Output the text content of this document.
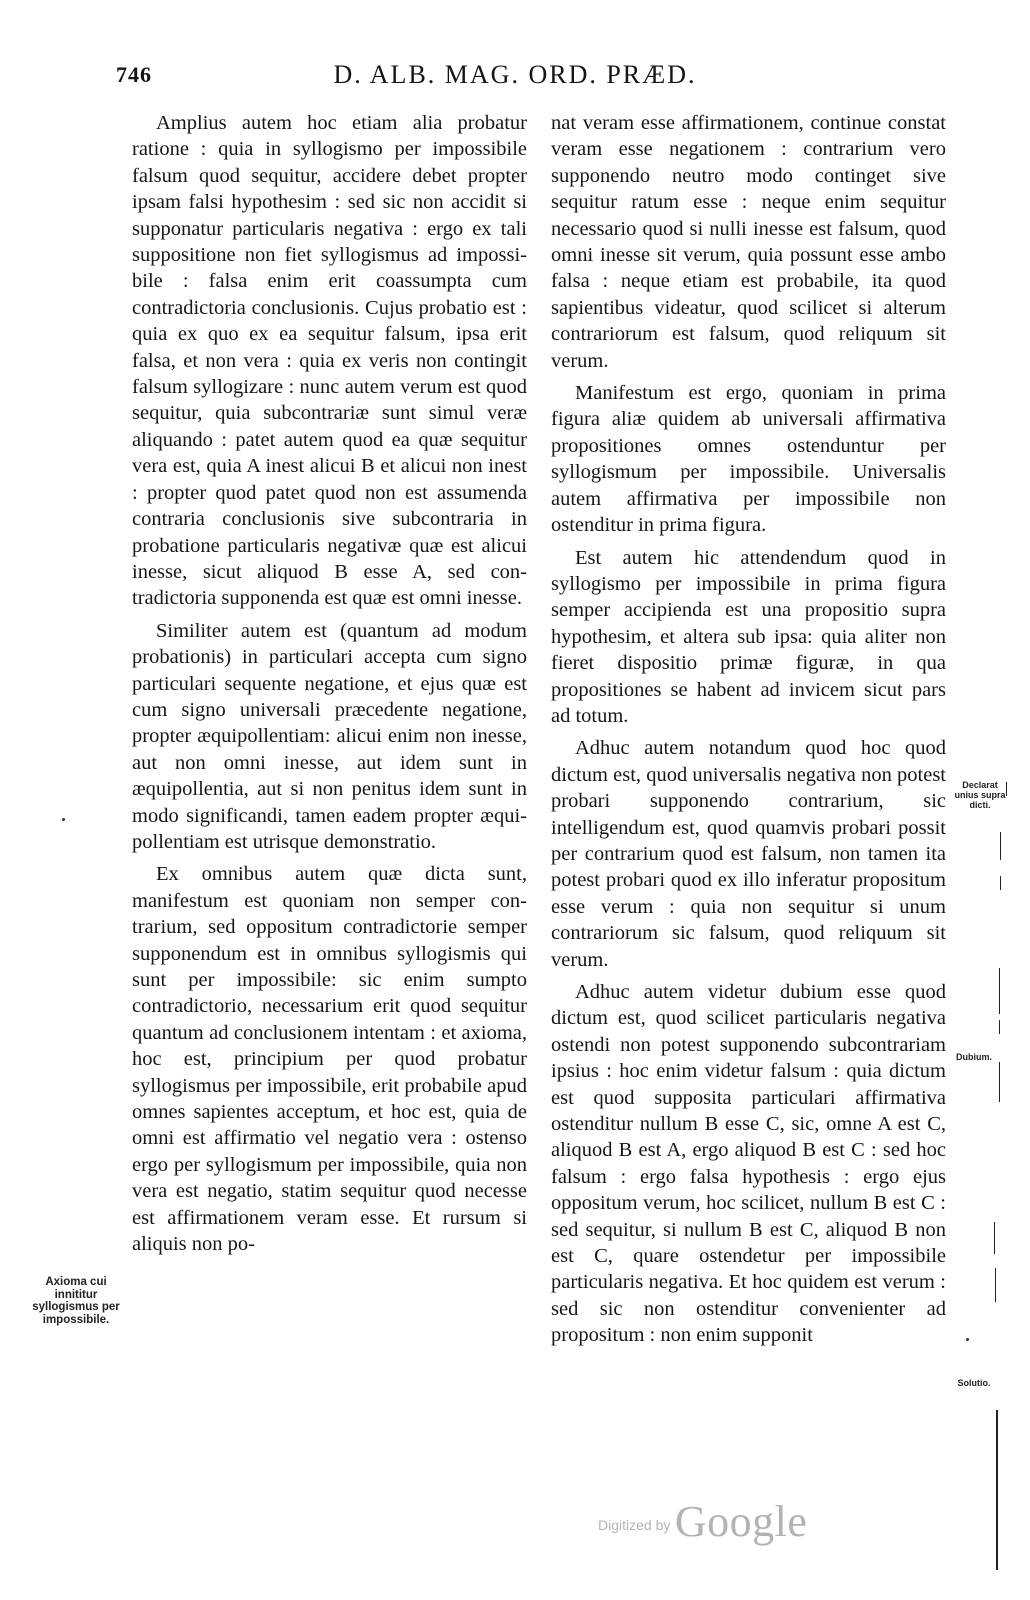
746	D. ALB. MAG. ORD. PRÆD.

Amplius autem hoc etiam alia probatur ratione : quia in syllogismo per impossibile falsum quod sequitur, accidere debet propter ipsam falsi hypothesim : sed sic non accidit si supponatur particularis negativa : ergo ex tali suppositione non fiet syllogismus ad impossibile : falsa enim erit coassumpta cum contradictoria conclusionis. Cujus probatio est : quia ex quo ex ea sequitur falsum, ipsa erit falsa, et non vera : quia ex veris non contingit falsum syllogizare : nunc autem verum est quod sequitur, quia subcontrariæ sunt simul veræ aliquando : patet autem quod ea quæ sequitur vera est, quia A inest alicui B et alicui non inest : propter quod patet quod non est assumenda contraria conclusionis sive subcontraria in probatione particularis negativæ quæ est alicui inesse, sicut aliquod B esse A, sed contradictoria supponenda est quæ est omni inesse.

Similiter autem est (quantum ad modum probationis) in particulari accepta cum signo particulari sequente negatione, et ejus quæ est cum signo universali præcedente negatione, propter æquipollentiam: alicui enim non inesse, aut non omni inesse, aut idem sunt in æquipollentia, aut si non penitus idem sunt in modo significandi, tamen eadem propter æquipollentiam est utrisque demonstratio.

Ex omnibus autem quæ dicta sunt, manifestum est quoniam non semper contrarium, sed oppositum contradictorie semper supponendum est in omnibus syllogismis qui sunt per impossibile: sic enim sumpto contradictorio, necessarium erit quod sequitur quantum ad conclusionem intentam : et axioma, hoc est, principium per quod probatur syllogismus per impossibile, erit probabile apud omnes sapientes acceptum, et hoc est, quia de omni est affirmatio vel negatio vera : ostenso ergo per syllogismum per impossibile, quia non vera est negatio, statim sequitur quod necesse est affirmationem veram esse. Et rursum si aliquis non po-

nat veram esse affirmationem, continue constat veram esse negationem : contrarium vero supponendo neutro modo continget sive sequitur ratum esse : neque enim sequitur necessario quod si nulli inesse est falsum, quod omni inesse sit verum, quia possunt esse ambo falsa : neque etiam est probabile, ita quod sapientibus videatur, quod scilicet si alterum contrariorum est falsum, quod reliquum sit verum.

Manifestum est ergo, quoniam in prima figura aliæ quidem ab universali affirmativa propositiones omnes ostenduntur per syllogismum per impossibile. Universalis autem affirmativa per impossibile non ostenditur in prima figura.

Est autem hic attendendum quod in syllogismo per impossibile in prima figura semper accipienda est una propositio supra hypothesim, et altera sub ipsa: quia aliter non fieret dispositio primæ figuræ, in qua propositiones se habent ad invicem sicut pars ad totum.

Adhuc autem notandum quod hoc quod dictum est, quod universalis negativa non potest probari supponendo contrarium, sic intelligendum est, quod quamvis probari possit per contrarium quod est falsum, non tamen ita potest probari quod ex illo inferatur propositum esse verum : quia non sequitur si unum contrariorum sic falsum, quod reliquum sit verum.

Adhuc autem videtur dubium esse quod dictum est, quod scilicet particularis negativa ostendi non potest supponendo subcontrariam ipsius : hoc enim videtur falsum : quia dictum est quod supposita particulari affirmativa ostenditur nullum B esse C, sic, omne A est C, aliquod B est A, ergo aliquod B est C : sed hoc falsum : ergo falsa hypothesis : ergo ejus oppositum verum, hoc scilicet, nullum B est C : sed sequitur, si nullum B est C, aliquod B non est C, quare ostendetur per impossibile particularis negativa. Et hoc quidem est verum : sed sic non ostenditur convenienter ad propositum : non enim supponit

Axioma cui innititur syllogismus per impossibile.
Declarat unius supra dicti.
Dubium.
Solutio.
Digitized by Google
